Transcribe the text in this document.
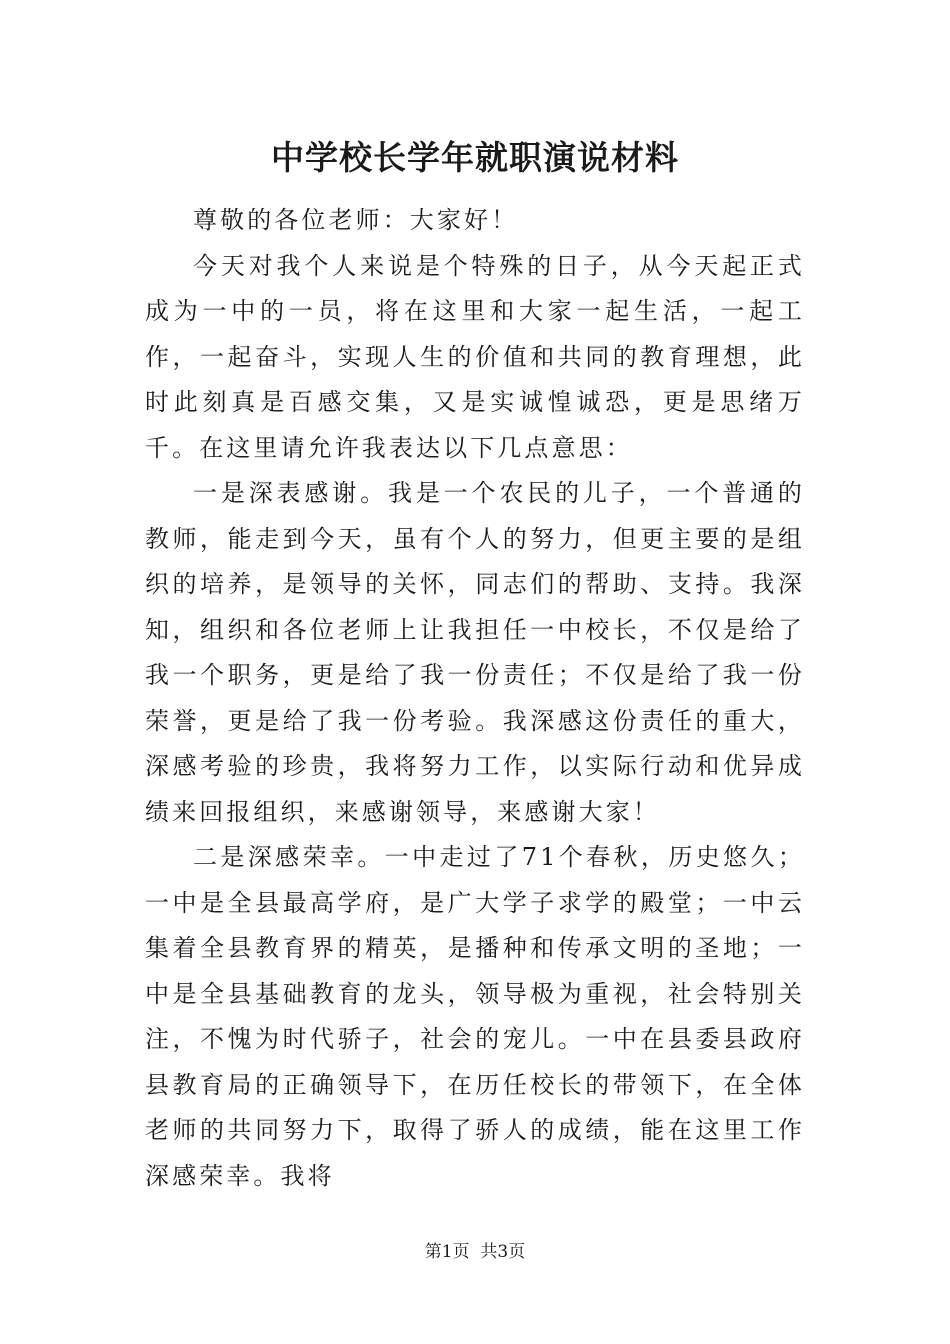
中学校长学年就职演说材料

尊敬的各位老师：大家好！

今天对我个人来说是个特殊的日子，从今天起正式成为一中的一员，将在这里和大家一起生活，一起工作，一起奋斗，实现人生的价值和共同的教育理想，此时此刻真是百感交集，又是实诚惶诚恐，更是思绪万千。在这里请允许我表达以下几点意思：

一是深表感谢。我是一个农民的儿子，一个普通的教师，能走到今天，虽有个人的努力，但更主要的是组织的培养，是领导的关怀，同志们的帮助、支持。我深知，组织和各位老师上让我担任一中校长，不仅是给了我一个职务，更是给了我一份责任；不仅是给了我一份荣誉，更是给了我一份考验。我深感这份责任的重大，深感考验的珍贵，我将努力工作，以实际行动和优异成绩来回报组织，来感谢领导，来感谢大家！

二是深感荣幸。一中走过了71个春秋，历史悠久；一中是全县最高学府，是广大学子求学的殿堂；一中云集着全县教育界的精英，是播种和传承文明的圣地；一中是全县基础教育的龙头，领导极为重视，社会特别关注，不愧为时代骄子，社会的宠儿。一中在县委县政府县教育局的正确领导下，在历任校长的带领下，在全体老师的共同努力下，取得了骄人的成绩，能在这里工作深感荣幸。我将

第1页  共3页
